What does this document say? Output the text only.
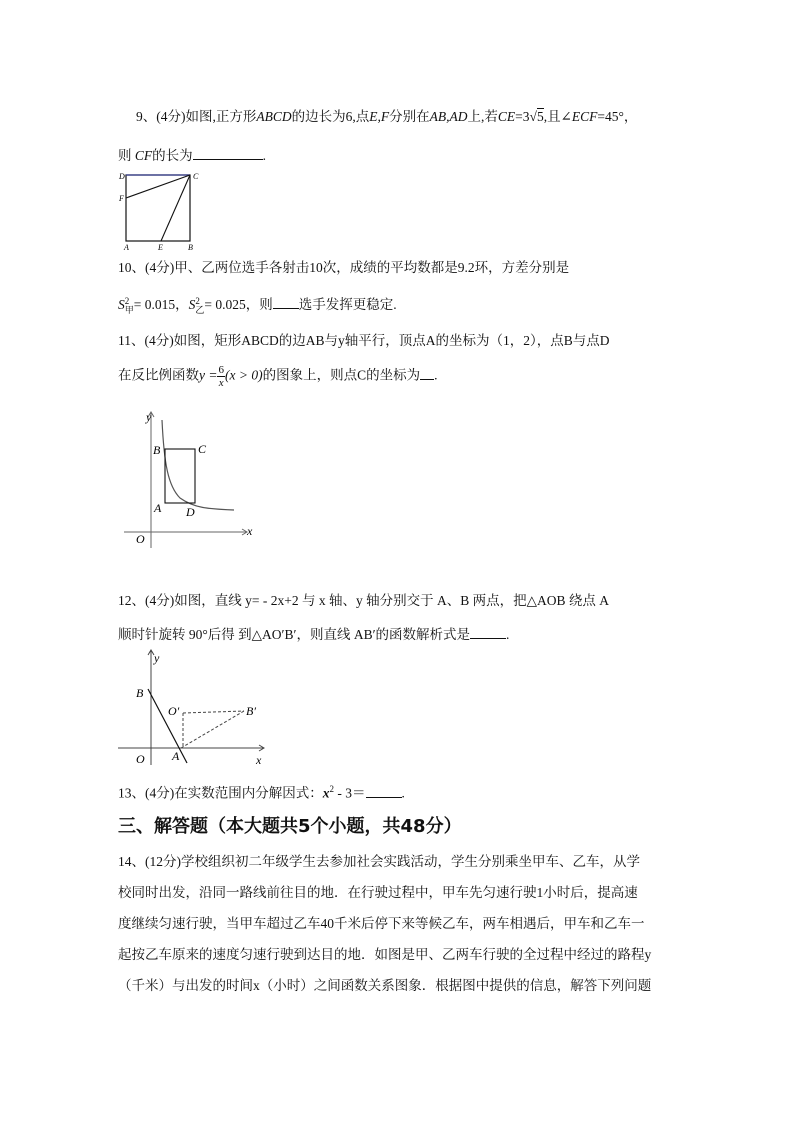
9、(4分)如图,正方形ABCD的边长为6,点E,F分别在AB,AD上,若CE=3√5,且∠ECF=45°，
则 CF的长为	.
D	C
F
A	E	B
10、(4分)甲、乙两位选手各射击10次，成绩的平均数都是9.2环，方差分别是
S 2
甲 = 0.015，S 2
乙 = 0.025，则 选手发挥更稳定.
11、(4分)如图，矩形ABCD的边AB与y轴平行，顶点A的坐标为（1，2），点B与点D
在反比例函数$y = \frac{6}{x} (x > 0)$的图象上，则点C的坐标为 .
y
x
O
A
B	C
D
12、(4分)如图，直线 y= - 2x+2 与 x 轴、y 轴分别交于 A、B 两点，把△AOB 绕点 A
顺时针旋转 90°后得 到△AO′B′，则直线 AB′的函数解析式是	.
y
x
O A
B
O′	B′
13、(4分)在实数范围内分解因式：$x^2 - 3=$	.
三、解答题（本大题共5个小题，共48分）
14、(12分)学校组织初二年级学生去参加社会实践活动，学生分别乘坐甲车、乙车，从学
校同时出发，沿同一路线前往目的地．在行驶过程中，甲车先匀速行驶1小时后，提高速
度继续匀速行驶，当甲车超过乙车40千米后停下来等候乙车，两车相遇后，甲车和乙车一
起按乙车原来的速度匀速行驶到达目的地．如图是甲、乙两车行驶的全过程中经过的路程y
（千米）与出发的时间x（小时）之间函数关系图象．根据图中提供的信息，解答下列问题
